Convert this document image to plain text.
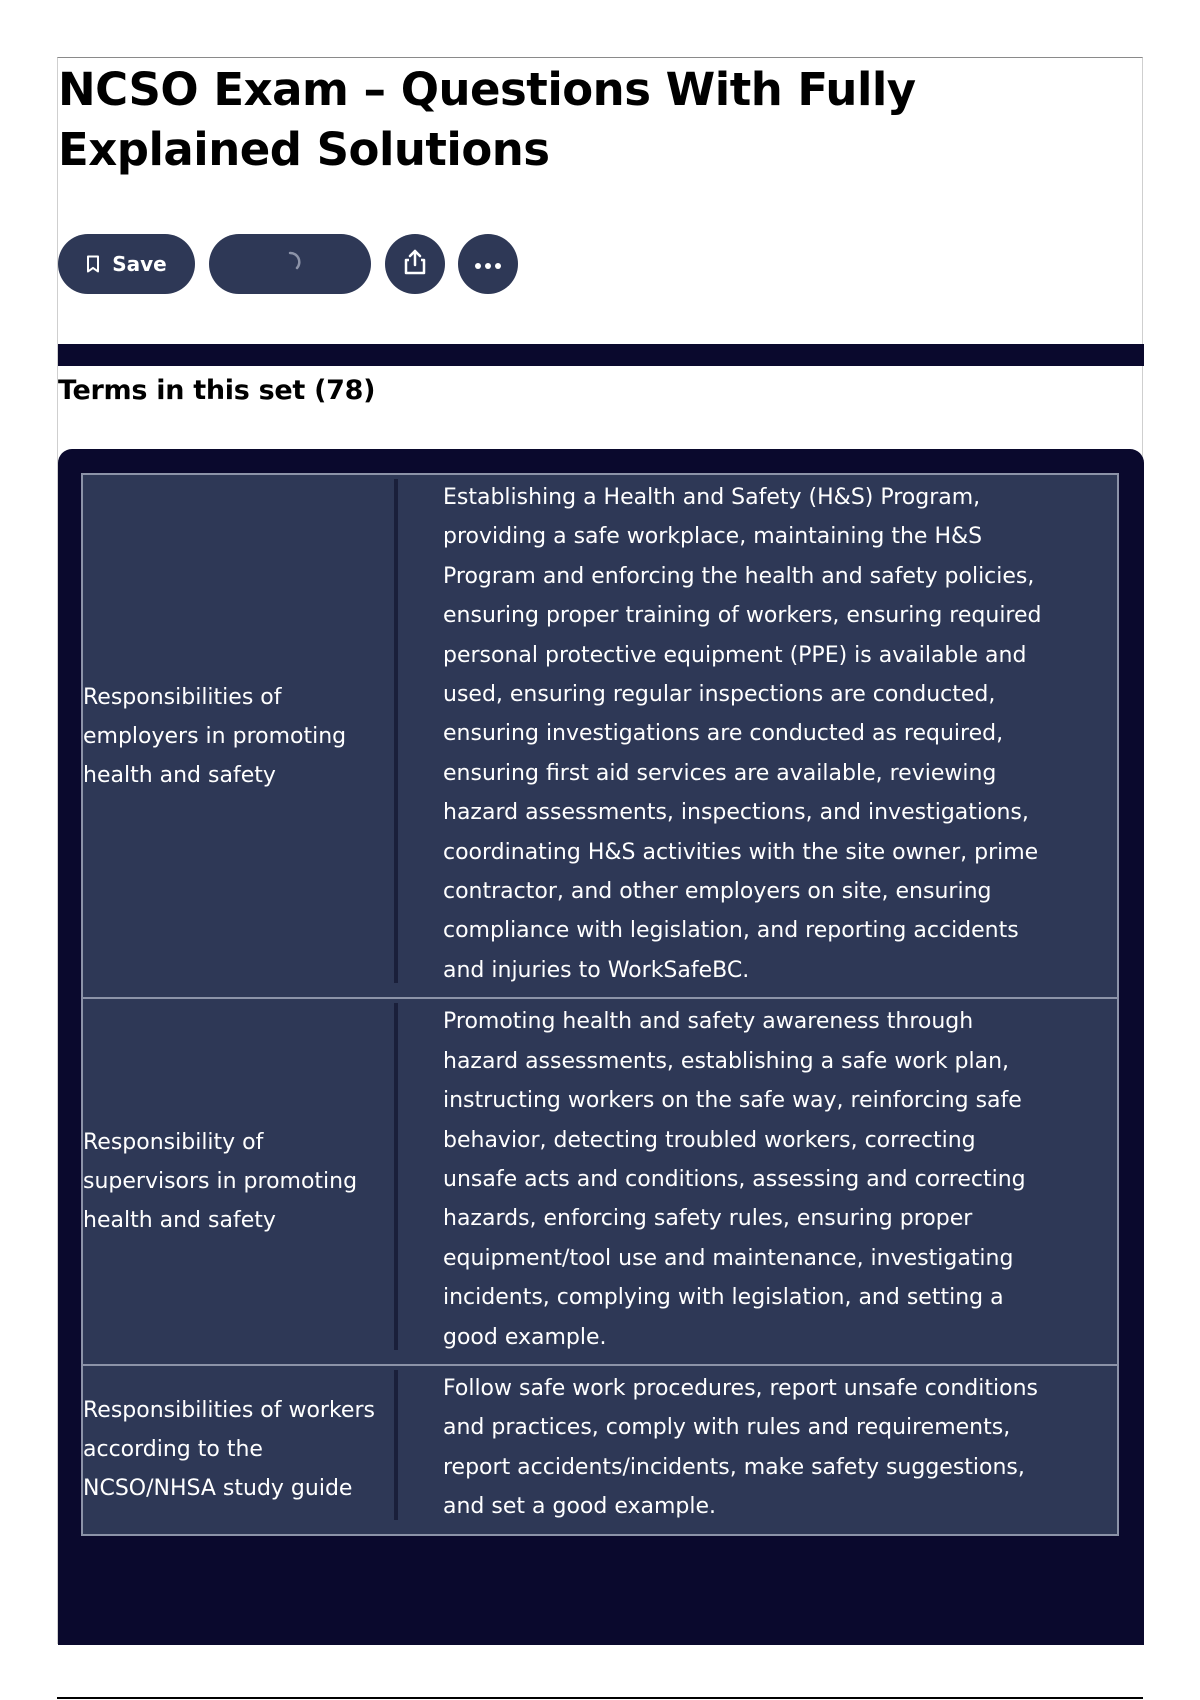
NCSO Exam – Questions With Fully Explained Solutions
Save
Terms in this set (78)
Responsibilities of employers in promoting health and safety
Establishing a Health and Safety (H&S) Program, providing a safe workplace, maintaining the H&S Program and enforcing the health and safety policies, ensuring proper training of workers, ensuring required personal protective equipment (PPE) is available and used, ensuring regular inspections are conducted, ensuring investigations are conducted as required, ensuring first aid services are available, reviewing hazard assessments, inspections, and investigations, coordinating H&S activities with the site owner, prime contractor, and other employers on site, ensuring compliance with legislation, and reporting accidents and injuries to WorkSafeBC.
Responsibility of supervisors in promoting health and safety
Promoting health and safety awareness through hazard assessments, establishing a safe work plan, instructing workers on the safe way, reinforcing safe behavior, detecting troubled workers, correcting unsafe acts and conditions, assessing and correcting hazards, enforcing safety rules, ensuring proper equipment/tool use and maintenance, investigating incidents, complying with legislation, and setting a good example.
Responsibilities of workers according to the NCSO/NHSA study guide
Follow safe work procedures, report unsafe conditions and practices, comply with rules and requirements, report accidents/incidents, make safety suggestions, and set a good example.
